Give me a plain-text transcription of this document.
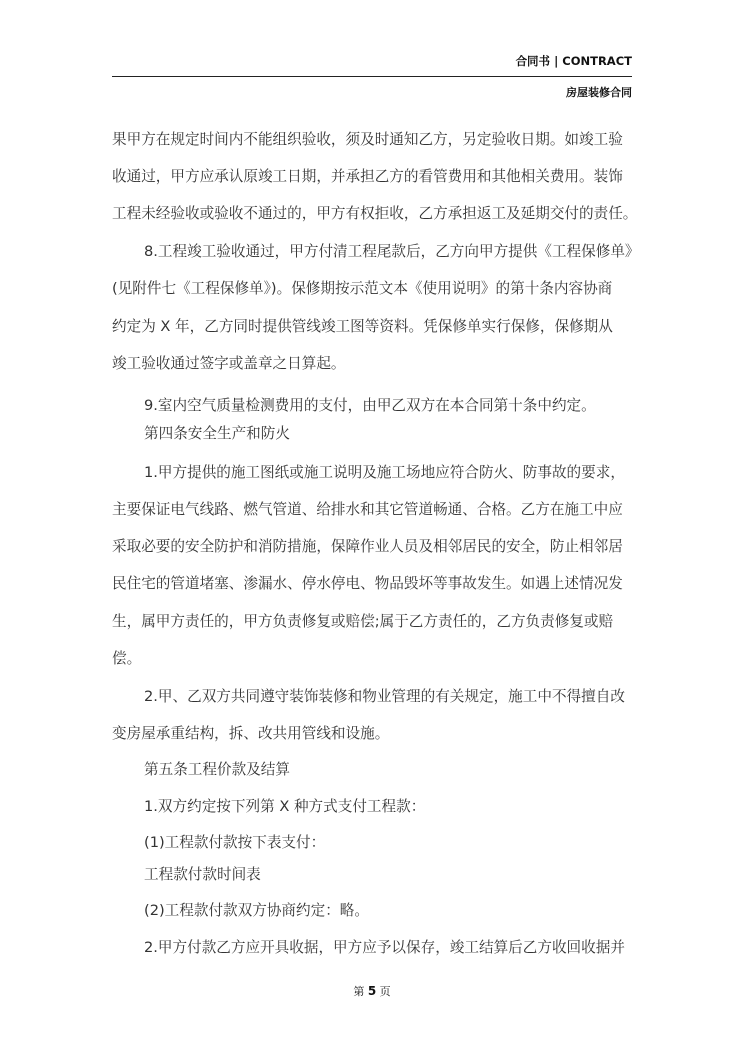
合同书 | CONTRACT
房屋装修合同
果甲方在规定时间内不能组织验收，须及时通知乙方，另定验收日期。如竣工验
收通过，甲方应承认原竣工日期，并承担乙方的看管费用和其他相关费用。装饰
工程未经验收或验收不通过的，甲方有权拒收，乙方承担返工及延期交付的责任。
8.工程竣工验收通过，甲方付清工程尾款后，乙方向甲方提供《工程保修单》
(见附件七《工程保修单》)。保修期按示范文本《使用说明》的第十条内容协商
约定为 X 年，乙方同时提供管线竣工图等资料。凭保修单实行保修，保修期从
竣工验收通过签字或盖章之日算起。
9.室内空气质量检测费用的支付，由甲乙双方在本合同第十条中约定。
第四条安全生产和防火
1.甲方提供的施工图纸或施工说明及施工场地应符合防火、防事故的要求，
主要保证电气线路、燃气管道、给排水和其它管道畅通、合格。乙方在施工中应
采取必要的安全防护和消防措施，保障作业人员及相邻居民的安全，防止相邻居
民住宅的管道堵塞、渗漏水、停水停电、物品毁坏等事故发生。如遇上述情况发
生，属甲方责任的，甲方负责修复或赔偿;属于乙方责任的，乙方负责修复或赔
偿。
2.甲、乙双方共同遵守装饰装修和物业管理的有关规定，施工中不得擅自改
变房屋承重结构，拆、改共用管线和设施。
第五条工程价款及结算
1.双方约定按下列第 X 种方式支付工程款：
(1)工程款付款按下表支付：
工程款付款时间表
(2)工程款付款双方协商约定：略。
2.甲方付款乙方应开具收据，甲方应予以保存，竣工结算后乙方收回收据并
第 5 页
